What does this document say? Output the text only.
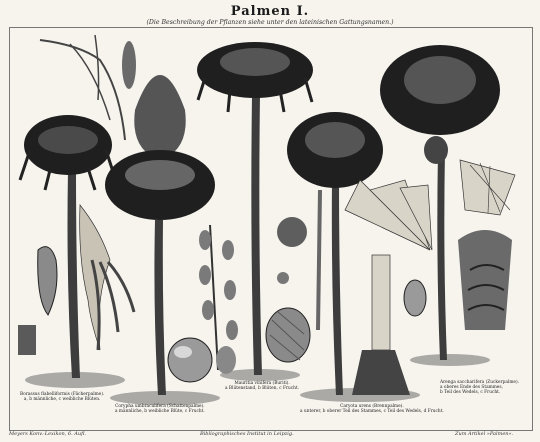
Palmen I.
(Die Beschreibung der Pflanzen siehe unter den lateinischen Gattungsnamen.)
Borassus flabelliformis (Fächerpalme).
a, b männliche, c weibliche Blüten.
Corypha umbraculifera (Schattenpalme).
a männliche, b weibliche Blüte, c Frucht.
Mauritia vinifera (Buriti).
a Blütenstand, b Blüten, c Frucht.
Caryota urens (Brennpalme).
a unterer, b oberer Teil des Stammes, c Teil des Wedels, d Frucht.
Arenga saccharifera (Zuckerpalme).
a oberes Ende des Stammes,
b Teil des Wedels, c Frucht.
Meyers Konv.-Lexikon, 6. Aufl.	Bibliographisches Institut in Leipzig.	Zum Artikel »Palmen«.
